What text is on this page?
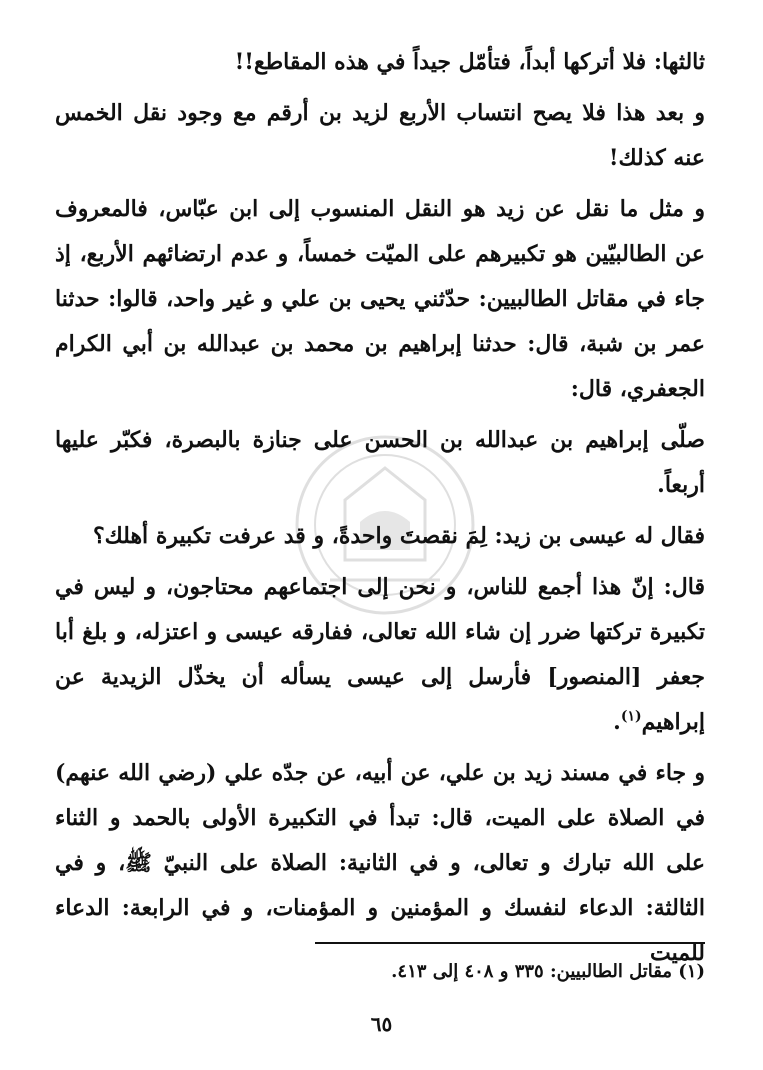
ثالثها: فلا أتركها أبداً، فتأمّل جيداً في هذه المقاطع!!

و بعد هذا فلا يصح انتساب الأربع لزيد بن أرقم مع وجود نقل الخمس عنه كذلك!

و مثل ما نقل عن زيد هو النقل المنسوب إلى ابن عبّاس، فالمعروف عن الطالبيّين هو تكبيرهم على الميّت خمساً، و عدم ارتضائهم الأربع، إذ جاء في مقاتل الطالبيين: حدّثني يحيى بن علي و غير واحد، قالوا: حدثنا عمر بن شبة، قال: حدثنا إبراهيم بن محمد بن عبدالله بن أبي الكرام الجعفري، قال:

صلّى إبراهيم بن عبدالله بن الحسن على جنازة بالبصرة، فكبّر عليها أربعاً.

فقال له عيسى بن زيد: لِمَ نقصتَ واحدةً، و قد عرفت تكبيرة أهلك؟

قال: إنّ هذا أجمع للناس، و نحن إلى اجتماعهم محتاجون، و ليس في تكبيرة تركتها ضرر إن شاء الله تعالى، ففارقه عيسى و اعتزله، و بلغ أبا جعفر [المنصور] فأرسل إلى عيسى يسأله أن يخذّل الزيدية عن إبراهيم$^{(١)}$.

و جاء في مسند زيد بن علي، عن أبيه، عن جدّه علي (رضي الله عنهم) في الصلاة على الميت، قال: تبدأ في التكبيرة الأولى بالحمد و الثناء على الله تبارك و تعالى، و في الثانية: الصلاة على النبيّ ﷺ، و في الثالثة: الدعاء لنفسك و المؤمنين و المؤمنات، و في الرابعة: الدعاء للميت

(١) مقاتل الطالبيين: ٣٣٥ و ٤٠٨ إلى ٤١٣.
٦٥
